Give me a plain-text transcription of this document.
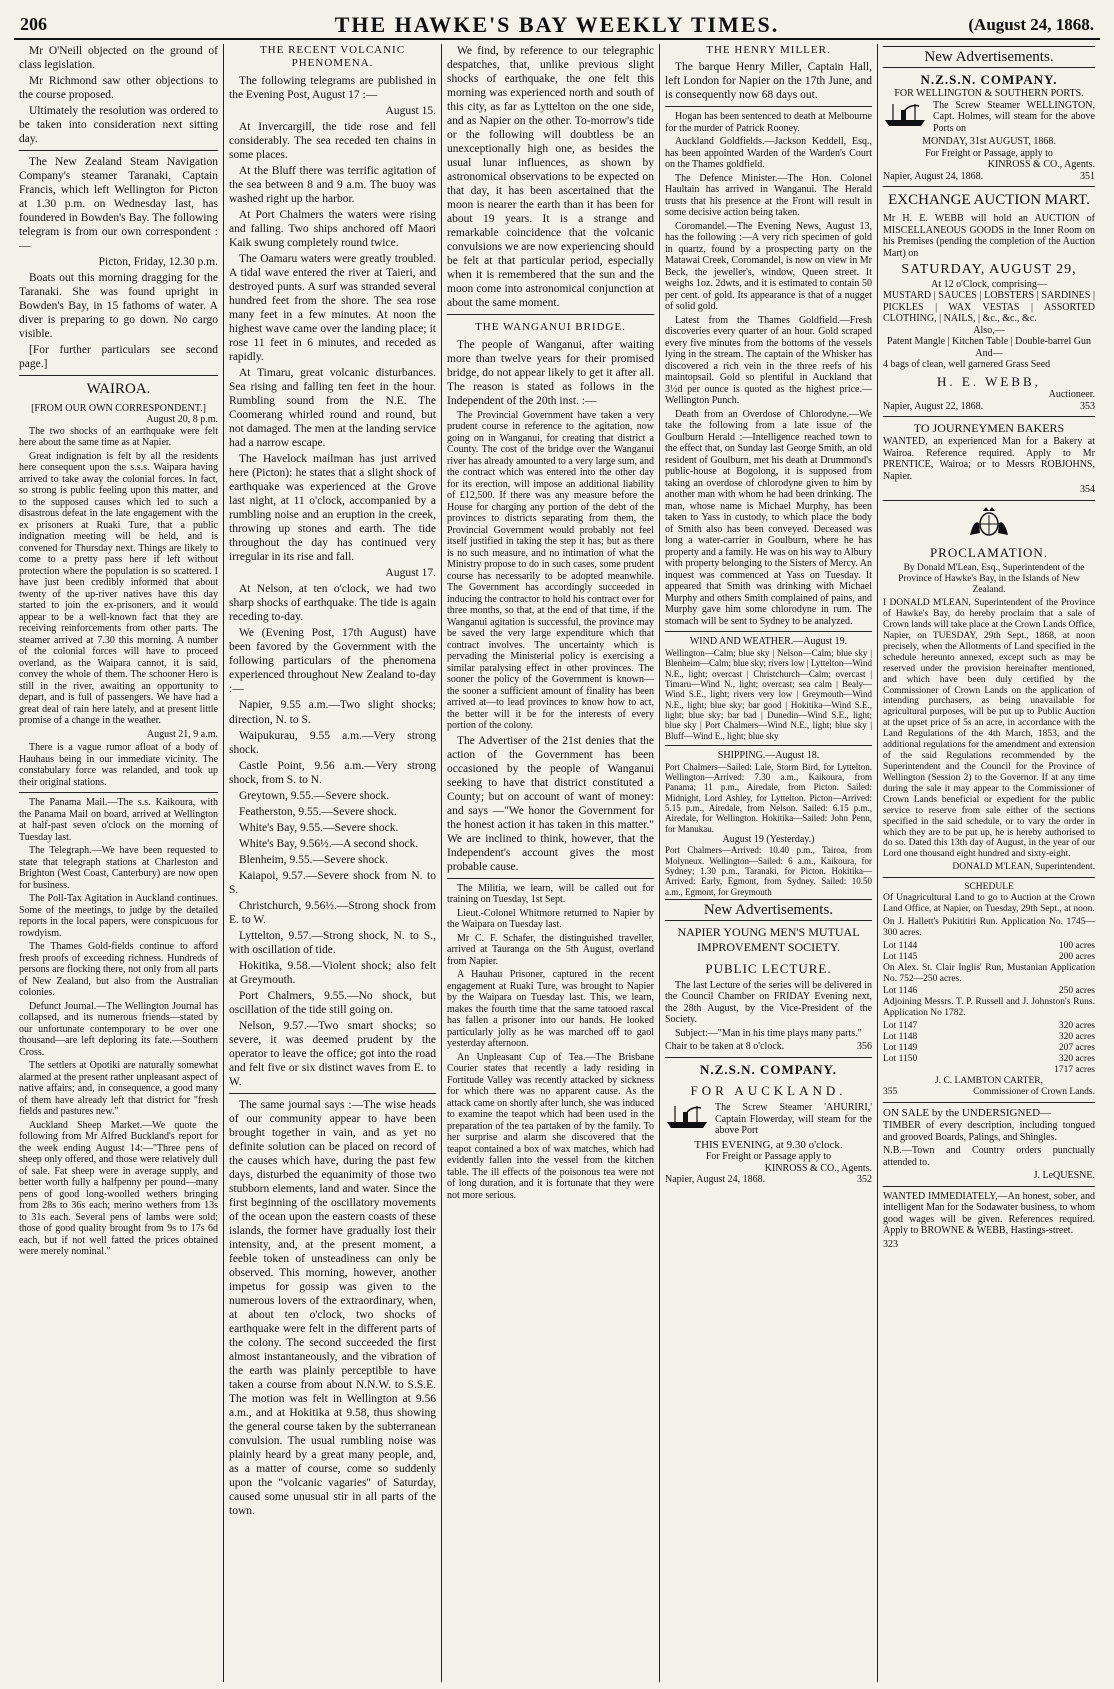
206	THE HAWKE'S BAY WEEKLY TIMES.	(August 24, 1868.

Mr O'Neill objected on the ground of class legislation.

Mr Richmond saw other objections to the course proposed.

Ultimately the resolution was ordered to be taken into consideration next sitting day.

The New Zealand Steam Navigation Company's steamer Taranaki, Captain Francis, which left Wellington for Picton at 1.30 p.m. on Wednesday last, has foundered in Bowden's Bay. The following telegram is from our own correspondent :—

Picton, Friday, 12.30 p.m.

Boats out this morning dragging for the Taranaki. She was found upright in Bowden's Bay, in 15 fathoms of water. A diver is preparing to go down. No cargo visible.

[For further particulars see second page.]

WAIROA.
[FROM OUR OWN CORRESPONDENT.]
August 20, 8 p.m.

The two shocks of an earthquake were felt here about the same time as at Napier.

Great indignation is felt by all the residents here consequent upon the s.s.s. Waipara having arrived to take away the colonial forces. In fact, so strong is public feeling upon this matter, and to the supposed causes which led to such a disastrous defeat in the late engagement with the ex prisoners at Ruaki Ture, that a public indignation meeting will be held, and is convened for Thursday next. Things are likely to come to a pretty pass here if left without protection where the population is so scattered. I have just been credibly informed that about twenty of the up-river natives have this day started to join the ex-prisoners, and it would appear to be a well-known fact that they are receiving reinforcements from other parts. The steamer arrived at 7.30 this morning. A number of the colonial forces will have to proceed overland, as the Waipara cannot, it is said, convey the whole of them. The schooner Hero is still in the river, awaiting an opportunity to depart, and is full of passengers. We have had a great deal of rain here lately, and at present little promise of a change in the weather.

August 21, 9 a.m.

There is a vague rumor afloat of a body of Hauhaus being in our immediate vicinity. The constabulary force was relanded, and took up their original stations.

The Panama Mail.—The s.s. Kaikoura, with the Panama Mail on board, arrived at Wellington at half-past seven o'clock on the morning of Tuesday last.

The Telegraph.—We have been requested to state that telegraph stations at Charleston and Brighton (West Coast, Canterbury) are now open for business.

The Poll-Tax Agitation in Auckland continues. Some of the meetings, to judge by the detailed reports in the local papers, were conspicuous for rowdyism.

The Thames Gold-fields continue to afford fresh proofs of exceeding richness. Hundreds of persons are flocking there, not only from all parts of New Zealand, but also from the Australian colonies.

Defunct Journal.—The Wellington Journal has collapsed, and its numerous friends—stated by our unfortunate contemporary to be over one thousand—are left deploring its fate.—Southern Cross.

The settlers at Opotiki are naturally somewhat alarmed at the present rather unpleasant aspect of native affairs; and, in consequence, a good many of them have already left that district for "fresh fields and pastures new."

Auckland Sheep Market.—We quote the following from Mr Alfred Buckland's report for the week ending August 14:—"Three pens of sheep only offered, and those were relatively dull of sale. Fat sheep were in average supply, and better worth fully a halfpenny per pound—many pens of good long-woolled wethers bringing from 28s to 36s each; merino wethers from 13s to 31s each. Several pens of lambs were sold; those of good quality brought from 9s to 17s 6d each, but if not well fatted the prices obtained were merely nominal."

THE RECENT VOLCANIC PHENOMENA.

The following telegrams are published in the Evening Post, August 17 :—

August 15.

At Invercargill, the tide rose and fell considerably. The sea receded ten chains in some places.

At the Bluff there was terrific agitation of the sea between 8 and 9 a.m. The buoy was washed right up the harbor.

At Port Chalmers the waters were rising and falling. Two ships anchored off Maori Kaik swung completely round twice.

The Oamaru waters were greatly troubled. A tidal wave entered the river at Taieri, and destroyed punts. A surf was stranded several hundred feet from the shore. The sea rose many feet in a few minutes. At noon the highest wave came over the landing place; it rose 11 feet in 6 minutes, and receded as rapidly.

At Timaru, great volcanic disturbances. Sea rising and falling ten feet in the hour. Rumbling sound from the N.E. The Coomerang whirled round and round, but not damaged. The men at the landing service had a narrow escape.

The Havelock mailman has just arrived here (Picton): he states that a slight shock of earthquake was experienced at the Grove last night, at 11 o'clock, accompanied by a rumbling noise and an eruption in the creek, throwing up stones and earth. The tide throughout the day has continued very irregular in its rise and fall.

August 17.

At Nelson, at ten o'clock, we had two sharp shocks of earthquake. The tide is again receding to-day.

We (Evening Post, 17th August) have been favored by the Government with the following particulars of the phenomena experienced throughout New Zealand to-day :—

Napier, 9.55 a.m.—Two slight shocks; direction, N. to S.

Waipukurau, 9.55 a.m.—Very strong shock.

Castle Point, 9.56 a.m.—Very strong shock, from S. to N.

Greytown, 9.55.—Severe shock.

Featherston, 9.55.—Severe shock.

White's Bay, 9.55.—Severe shock.

White's Bay, 9.56½.—A second shock.

Blenheim, 9.55.—Severe shock.

Kaiapoi, 9.57.—Severe shock from N. to S.

Christchurch, 9.56½.—Strong shock from E. to W.

Lyttelton, 9.57.—Strong shock, N. to S., with oscillation of tide.

Hokitika, 9.58.—Violent shock; also felt at Greymouth.

Port Chalmers, 9.55.—No shock, but oscillation of the tide still going on.

Nelson, 9.57.—Two smart shocks; so severe, it was deemed prudent by the operator to leave the office; got into the road and felt five or six distinct waves from E. to W.

The same journal says :—The wise heads of our community appear to have been brought together in vain, and as yet no definite solution can be placed on record of the causes which have, during the past few days, disturbed the equanimity of those two stubborn elements, land and water. Since the first beginning of the oscillatory movements of the ocean upon the eastern coasts of these islands, the former have gradually lost their intensity, and, at the present moment, a feeble token of unsteadiness can only be observed. This morning, however, another impetus for gossip was given to the numerous lovers of the extraordinary, when, at about ten o'clock, two shocks of earthquake were felt in the different parts of the colony. The second succeeded the first almost instantaneously, and the vibration of the earth was plainly perceptible to have taken a course from about N.N.W. to S.S.E. The motion was felt in Wellington at 9.56 a.m., and at Hokitika at 9.58, thus showing the general course taken by the subterranean convulsion. The usual rumbling noise was plainly heard by a great many people, and, as a matter of course, come so suddenly upon the "volcanic vagaries" of Saturday, caused some unusual stir in all parts of the town.

We find, by reference to our telegraphic despatches, that, unlike previous slight shocks of earthquake, the one felt this morning was experienced north and south of this city, as far as Lyttelton on the one side, and as Napier on the other. To-morrow's tide or the following will doubtless be an unexceptionally high one, as besides the usual lunar influences, as shown by astronomical observations to be expected on that day, it has been ascertained that the moon is nearer the earth than it has been for about 19 years. It is a strange and remarkable coincidence that the volcanic convulsions we are now experiencing should be felt at that particular period, especially when it is remembered that the sun and the moon come into astronomical conjunction at about the same moment.

THE WANGANUI BRIDGE.

The people of Wanganui, after waiting more than twelve years for their promised bridge, do not appear likely to get it after all. The reason is stated as follows in the Independent of the 20th inst. :—

The Provincial Government have taken a very prudent course in reference to the agitation, now going on in Wanganui, for creating that district a County. The cost of the bridge over the Wanganui river has already amounted to a very large sum, and the contract which was entered into the other day for its erection, will impose an additional liability of £12,500. If there was any measure before the House for charging any portion of the debt of the provinces to districts separating from them, the Provincial Government would probably not feel itself justified in taking the step it has; but as there is no such measure, and no intimation of what the Ministry propose to do in such cases, some prudent course has necessarily to be adopted meanwhile. The Government has accordingly succeeded in inducing the contractor to hold his contract over for three months, so that, at the end of that time, if the Wanganui agitation is successful, the province may be saved the very large expenditure which that contract involves. The uncertainty which is pervading the Ministerial policy is exercising a similar paralysing effect in other provinces. The sooner the policy of the Government is known—the sooner a sufficient amount of finality has been arrived at—to lead provinces to know how to act, the better will it be for the interests of every portion of the colony.

The Advertiser of the 21st denies that the action of the Government has been occasioned by the people of Wanganui seeking to have that district constituted a County; but on account of want of money: and says —"We honor the Government for the honest action it has taken in this matter." We are inclined to think, however, that the Independent's account gives the most probable cause.

The Militia, we learn, will be called out for training on Tuesday, 1st Sept.

Lieut.-Colonel Whitmore returned to Napier by the Waipara on Tuesday last.

Mr C. F. Schafer, the distinguished traveller, arrived at Tauranga on the 5th August, overland from Napier.

A Hauhau Prisoner, captured in the recent engagement at Ruaki Ture, was brought to Napier by the Waipara on Tuesday last. This, we learn, makes the fourth time that the same tatooed rascal has fallen a prisoner into our hands. He looked particularly jolly as he was marched off to gaol yesterday afternoon.

An Unpleasant Cup of Tea.—The Brisbane Courier states that recently a lady residing in Fortitude Valley was recently attacked by sickness for which there was no apparent cause. As the attack came on shortly after lunch, she was induced to examine the teapot which had been used in the preparation of the tea partaken of by the family. To her surprise and alarm she discovered that the teapot contained a box of wax matches, which had evidently fallen into the vessel from the kitchen table. The ill effects of the poisonous tea were not of long duration, and it is fortunate that they were not more serious.

THE HENRY MILLER.

The barque Henry Miller, Captain Hall, left London for Napier on the 17th June, and is consequently now 68 days out.

Hogan has been sentenced to death at Melbourne for the murder of Patrick Rooney.

Auckland Goldfields.—Jackson Keddell, Esq., has been appointed Warden of the Warden's Court on the Thames goldfield.

The Defence Minister.—The Hon. Colonel Haultain has arrived in Wanganui. The Herald trusts that his presence at the Front will result in some decisive action being taken.

Coromandel.—The Evening News, August 13, has the following :—A very rich specimen of gold in quartz, found by a prospecting party on the Matawai Creek, Coromandel, is now on view in Mr Beck, the jeweller's, window, Queen street. It weighs 1oz. 2dwts, and it is estimated to contain 50 per cent. of gold. Its appearance is that of a nugget of solid gold.

Latest from the Thames Goldfield.—Fresh discoveries every quarter of an hour. Gold scraped every five minutes from the bottoms of the vessels lying in the stream. The captain of the Whisker has discovered a rich vein in the three reefs of his maintopsail. Gold so plentiful in Auckland that 3½d per ounce is quoted as the highest price.—Wellington Punch.

Death from an Overdose of Chlorodyne.—We take the following from a late issue of the Goulburn Herald :—Intelligence reached town to the effect that, on Sunday last George Smith, an old resident of Goulburn, met his death at Drummond's public-house at Bogolong, it is supposed from taking an overdose of chlorodyne given to him by another man with whom he had been drinking. The man, whose name is Michael Murphy, has been taken to Yass in custody, to which place the body of Smith also has been conveyed. Deceased was long a water-carrier in Goulburn, where he has property and a family. He was on his way to Albury with property belonging to the Sisters of Mercy. An inquest was commenced at Yass on Tuesday. It appeared that Smith was drinking with Michael Murphy and others Smith complained of pains, and Murphy gave him some chlorodyne in rum. The stomach will be sent to Sydney to be analyzed.

WIND AND WEATHER.—August 19.
Wellington—Calm; blue sky | Nelson—Calm; blue sky | Blenheim—Calm; blue sky; rivers low | Lyttelton—Wind N.E., light; overcast | Christchurch—Calm; overcast | Timaru—Wind N., light; overcast; sea calm | Bealy—Wind S.E., light; rivers very low | Greymouth—Wind N.E., light; blue sky; bar good | Hokitika—Wind S.E., light; blue sky; bar bad | Dunedin—Wind S.E., light; blue sky | Port Chalmers—Wind N.E., light; blue sky | Bluff—Wind E., light; blue sky
SHIPPING.—August 18.
Port Chalmers—Sailed: Lale, Storm Bird, for Lyttelton. Wellington—Arrived: 7.30 a.m., Kaikoura, from Panama; 11 p.m., Airedale, from Picton. Sailed: Midnight, Lord Ashley, for Lyttelton. Picton—Arrived: 5.15 p.m., Airedale, from Nelson. Sailed: 6.15 p.m., Airedale, for Wellington. Hokitika—Sailed: John Penn, for Manukau.
August 19 (Yesterday.)
Port Chalmers—Arrived: 10.40 p.m., Tairoa, from Molyneux. Wellington—Sailed: 6 a.m., Kaikoura, for Sydney; 1.30 p.m., Taranaki, for Picton. Hokitika—Arrived: Early, Egmont, from Sydney. Sailed: 10.50 a.m., Egmont, for Greymouth
New Advertisements.
NAPIER YOUNG MEN'S MUTUAL IMPROVEMENT SOCIETY.
PUBLIC LECTURE.

The last Lecture of the series will be delivered in the Council Chamber on FRIDAY Evening next, the 28th August, by the Vice-President of the Society.

Subject:—"Man in his time plays many parts."

Chair to be taken at 8 o'clock.	356
N.Z.S.N. COMPANY.
FOR AUCKLAND.

The Screw Steamer 'AHURIRI,' Captain Flowerday, will steam for the above Port

THIS EVENING, at 9.30 o'clock.
For Freight or Passage apply to
KINROSS & CO., Agents.
Napier, August 24, 1868.	352
New Advertisements.
N.Z.S.N. COMPANY.
FOR WELLINGTON & SOUTHERN PORTS.

The Screw Steamer WELLINGTON, Capt. Holmes, will steam for the above Ports on

MONDAY, 31st AUGUST, 1868.
For Freight or Passage, apply to
KINROSS & CO., Agents.
Napier, August 24, 1868.	351
EXCHANGE AUCTION MART.

Mr H. E. WEBB will hold an AUCTION of MISCELLANEOUS GOODS in the Inner Room on his Premises (pending the completion of the Auction Mart) on

SATURDAY, AUGUST 29,
At 12 o'Clock, comprising—
MUSTARD | SAUCES | LOBSTERS | SARDINES | PICKLES | WAX VESTAS | ASSORTED CLOTHING, | NAILS, | &c., &c., &c.
Also,—
Patent Mangle | Kitchen Table | Double-barrel Gun
And—
4 bags of clean, well garnered Grass Seed
H. E. WEBB,
Auctioneer.
Napier, August 22, 1868.	353
TO JOURNEYMEN BAKERS

WANTED, an experienced Man for a Bakery at Wairoa. Reference required. Apply to Mr PRENTICE, Wairoa; or to Messrs ROBJOHNS, Napier.

354
PROCLAMATION.

By Donald M'Lean, Esq., Superintendent of the Province of Hawke's Bay, in the Islands of New Zealand.

I DONALD M'LEAN, Superintendent of the Province of Hawke's Bay, do hereby proclaim that a sale of Crown lands will take place at the Crown Lands Office, Napier, on TUESDAY, 29th Sept., 1868, at noon precisely, when the Allotments of Land specified in the schedule hereunto annexed, except such as may be reserved under the provision hereinafter mentioned, and which have been duly certified by the Commissioner of Crown Lands on the application of intending purchasers, as being unavailable for agricultural purposes, will be put up to Public Auction at the upset price of 5s an acre, in accordance with the Land Regulations of the 4th March, 1853, and the additional regulations for the amendment and extension of the said Regulations recommended by the Superintendent and the Council for the Province of Wellington (Session 2) to the Governor. If at any time during the sale it may appear to the Commissioner of Crown Lands beneficial or expedient for the public service to reserve from sale either of the sections specified in the said schedule, or to vary the order in which they are to be put up, he is hereby authorised to do so. Dated this 13th day of August, in the year of our Lord one thousand eight hundred and sixty-eight.

DONALD M'LEAN, Superintendent.
SCHEDULE

Of Unagricultural Land to go to Auction at the Crown Land Office, at Napier, on Tuesday, 29th Sept., at noon.

On J. Hallett's Pukititiri Run. Application No. 1745—300 acres.

Lot 1144	100 acres
Lot 1145	200 acres

On Alex. St. Clair Inglis' Run, Mustanian Application No. 752—250 acres.

Lot 1146	250 acres

Adjoining Messrs. T. P. Russell and J. Johnston's Runs. Application No 1782.

Lot 1147	320 acres
Lot 1148	320 acres
Lot 1149	207 acres
Lot 1150	320 acres
1717 acres
J. C. LAMBTON CARTER,
355	Commissioner of Crown Lands.
ON SALE by the UNDERSIGNED—

TIMBER of every description, including tongued and grooved Boards, Palings, and Shingles.

N.B.—Town and Country orders punctually attended to.

J. LeQUESNE.

WANTED IMMEDIATELY,—An honest, sober, and intelligent Man for the Sodawater business, to whom good wages will be given. References required. Apply to BROWNE & WEBB, Hastings-street.

323
